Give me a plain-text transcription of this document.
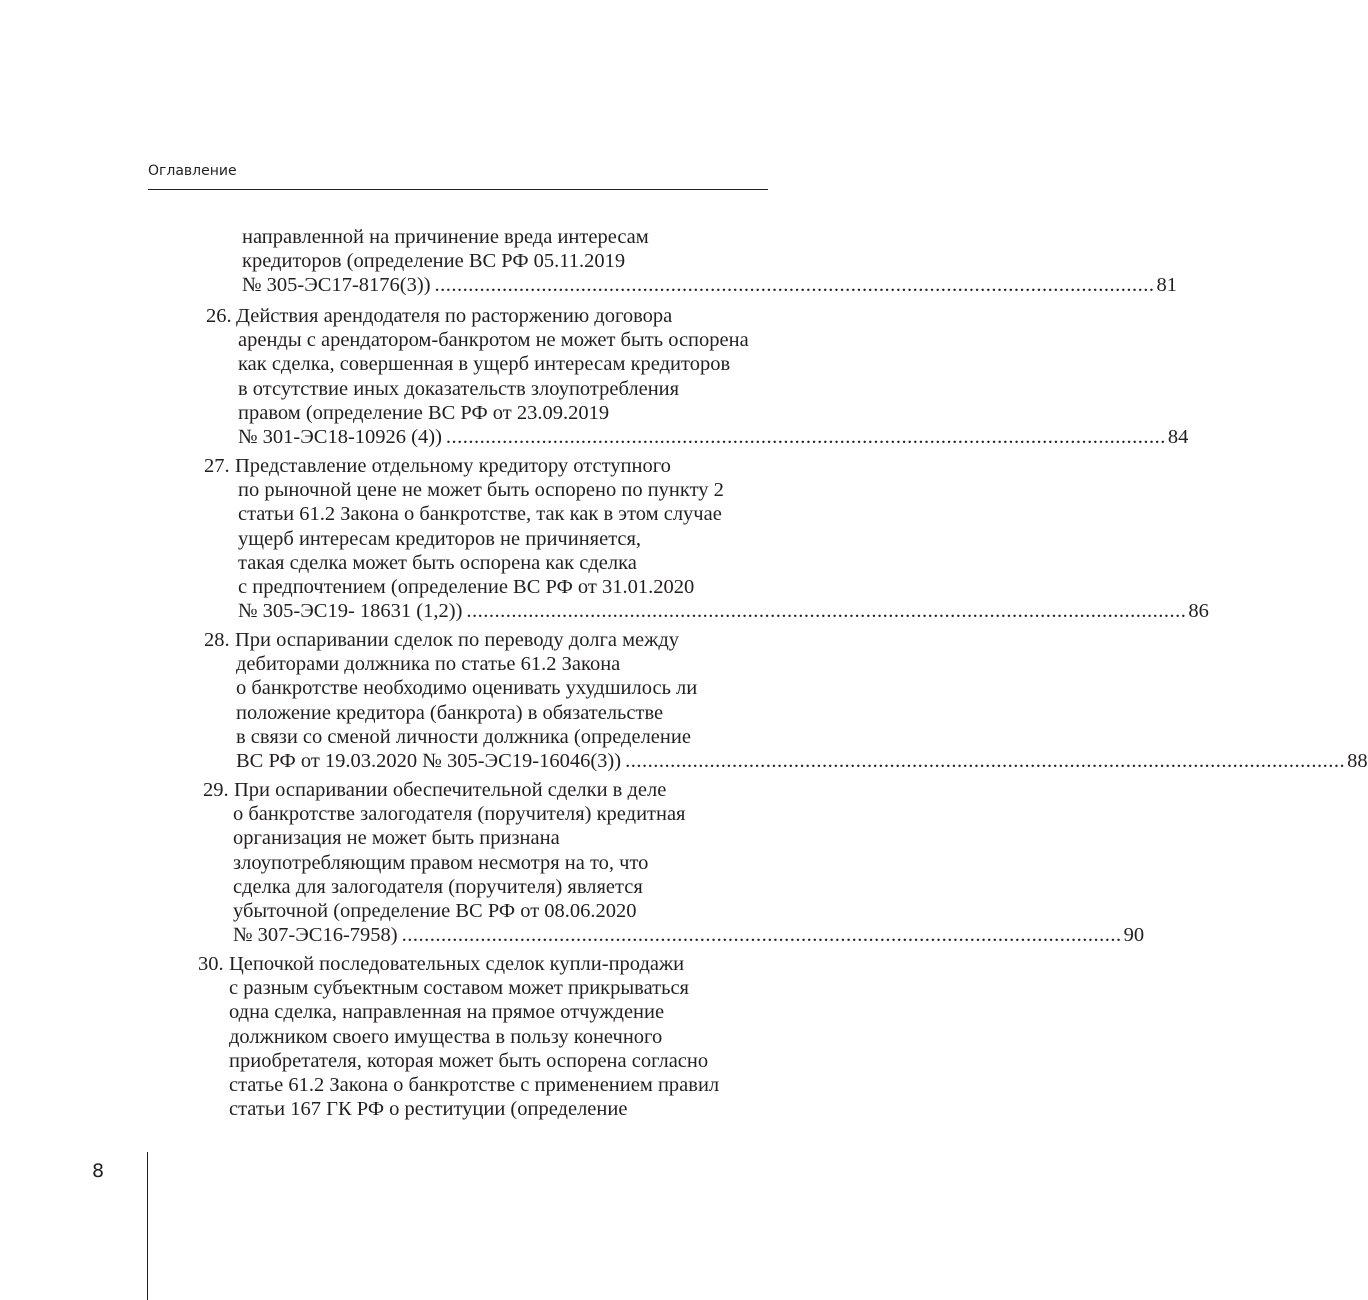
Оглавление
направленной на причинение вреда интересам
кредиторов (определение ВС РФ 05.11.2019
№ 305-ЭС17-8176(3)) ................................................................................................................................ 81
26. Действия арендодателя по расторжению договора
аренды с арендатором-банкротом не может быть оспорена
как сделка, совершенная в ущерб интересам кредиторов
в отсутствие иных доказательств злоупотребления
правом (определение ВС РФ от 23.09.2019
№ 301-ЭС18-10926 (4)) ................................................................................................................................ 84
27. Представление отдельному кредитору отступного
по рыночной цене не может быть оспорено по пункту 2
статьи 61.2 Закона о банкротстве, так как в этом случае
ущерб интересам кредиторов не причиняется,
такая сделка может быть оспорена как сделка
с предпочтением (определение ВС РФ от 31.01.2020
№ 305-ЭС19- 18631 (1,2)) ................................................................................................................................ 86
28. При оспаривании сделок по переводу долга между
дебиторами должника по статье 61.2 Закона
о банкротстве необходимо оценивать ухудшилось ли
положение кредитора (банкрота) в обязательстве
в связи со сменой личности должника (определение
ВС РФ от 19.03.2020 № 305-ЭС19-16046(3)) ................................................................................................................................ 88
29. При оспаривании обеспечительной сделки в деле
о банкротстве залогодателя (поручителя) кредитная
организация не может быть признана
злоупотребляющим правом несмотря на то, что
сделка для залогодателя (поручителя) является
убыточной (определение ВС РФ от 08.06.2020
№ 307-ЭС16-7958) ................................................................................................................................ 90
30. Цепочкой последовательных сделок купли-продажи
с разным субъектным составом может прикрываться
одна сделка, направленная на прямое отчуждение
должником своего имущества в пользу конечного
приобретателя, которая может быть оспорена согласно
статье 61.2 Закона о банкротстве с применением правил
статьи 167 ГК РФ о реституции (определение
8
